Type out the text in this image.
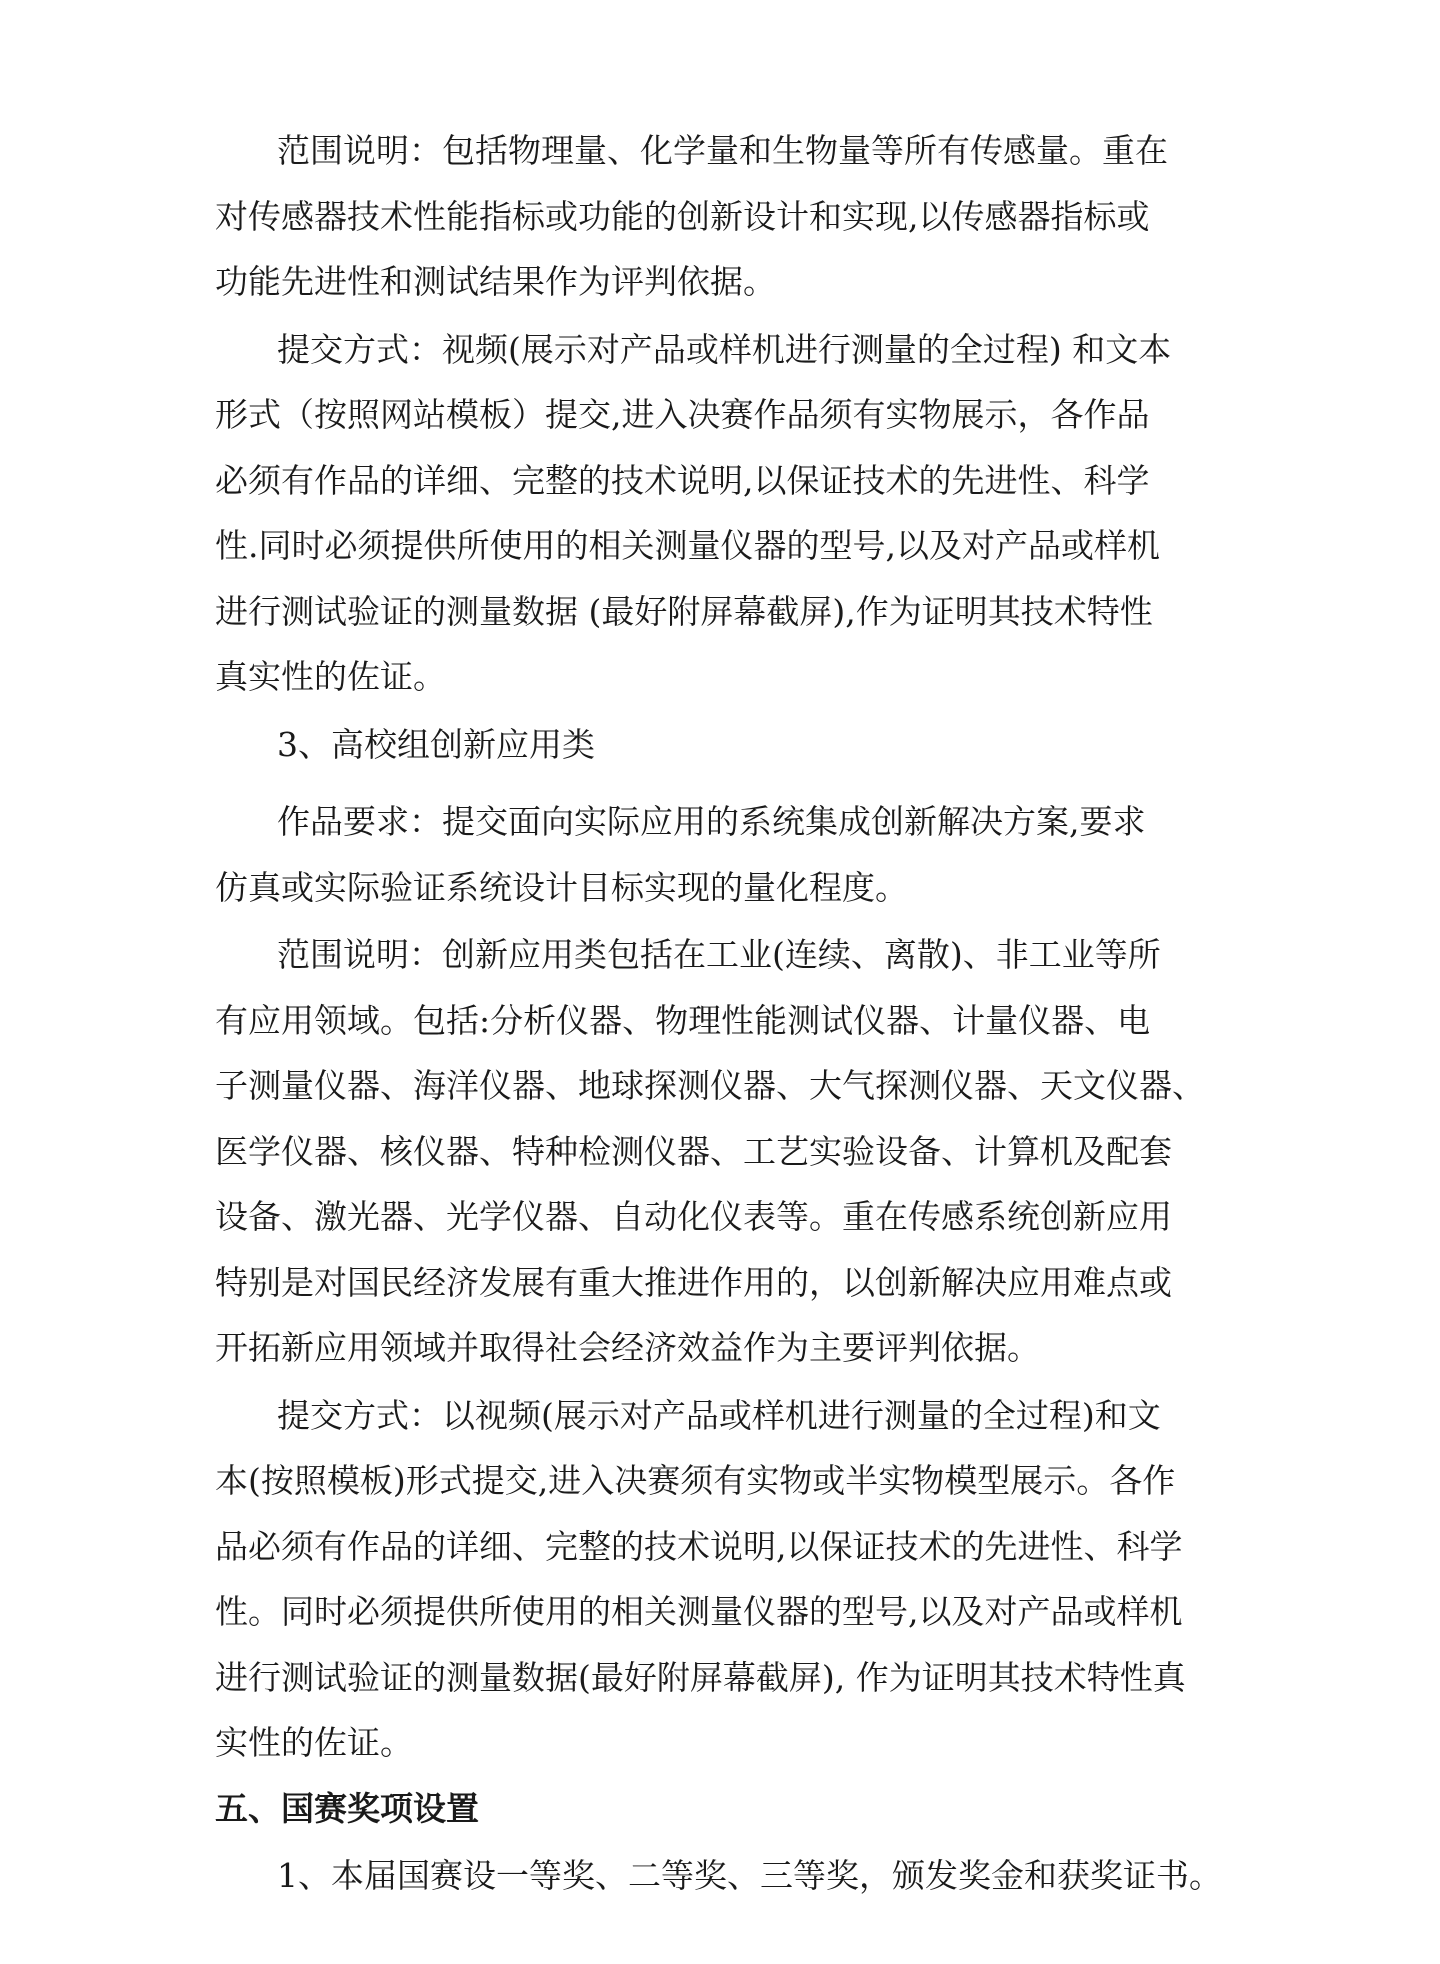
范围说明：包括物理量、化学量和生物量等所有传感量。重在
对传感器技术性能指标或功能的创新设计和实现,以传感器指标或
功能先进性和测试结果作为评判依据。

提交方式：视频(展示对产品或样机进行测量的全过程) 和文本
形式（按照网站模板）提交,进入决赛作品须有实物展示，各作品
必须有作品的详细、完整的技术说明,以保证技术的先进性、科学
性.同时必须提供所使用的相关测量仪器的型号,以及对产品或样机
进行测试验证的测量数据 (最好附屏幕截屏),作为证明其技术特性
真实性的佐证。

3、高校组创新应用类

作品要求：提交面向实际应用的系统集成创新解决方案,要求
仿真或实际验证系统设计目标实现的量化程度。

范围说明：创新应用类包括在工业(连续、离散)、非工业等所
有应用领域。包括:分析仪器、物理性能测试仪器、计量仪器、电
子测量仪器、海洋仪器、地球探测仪器、大气探测仪器、天文仪器、
医学仪器、核仪器、特种检测仪器、工艺实验设备、计算机及配套
设备、激光器、光学仪器、自动化仪表等。重在传感系统创新应用
特别是对国民经济发展有重大推进作用的，以创新解决应用难点或
开拓新应用领域并取得社会经济效益作为主要评判依据。

提交方式：以视频(展示对产品或样机进行测量的全过程)和文
本(按照模板)形式提交,进入决赛须有实物或半实物模型展示。各作
品必须有作品的详细、完整的技术说明,以保证技术的先进性、科学
性。同时必须提供所使用的相关测量仪器的型号,以及对产品或样机
进行测试验证的测量数据(最好附屏幕截屏), 作为证明其技术特性真
实性的佐证。

五、国赛奖项设置

1、本届国赛设一等奖、二等奖、三等奖，颁发奖金和获奖证书。
